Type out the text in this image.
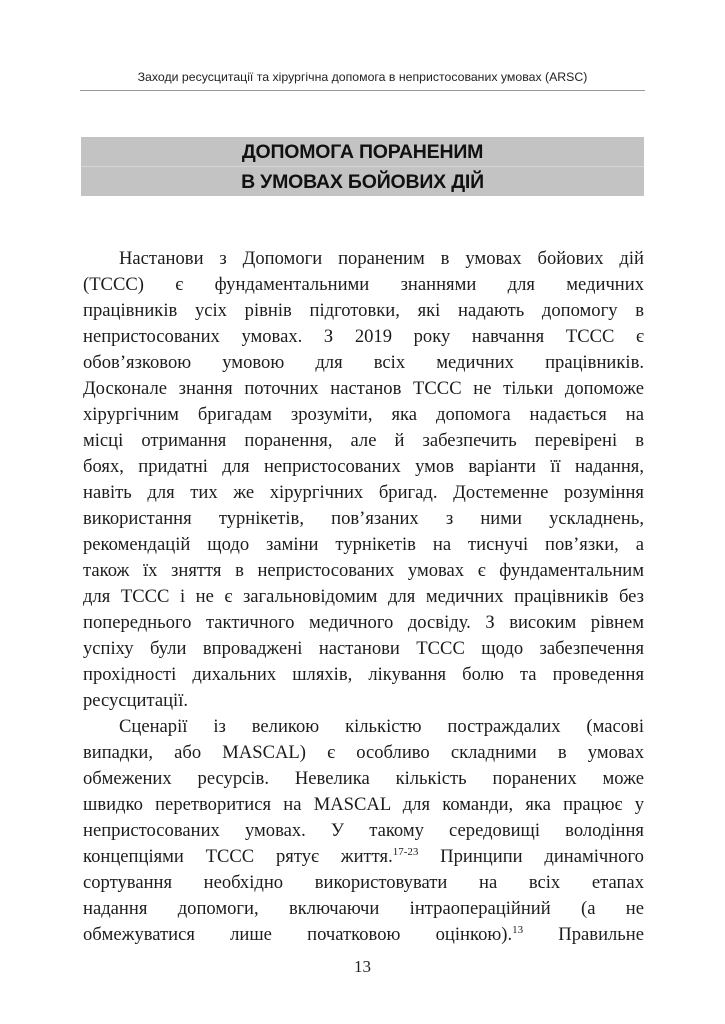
Заходи ресусцитації та хірургічна допомога в непристосованих умовах (ARSC)
ДОПОМОГА ПОРАНЕНИМ
В УМОВАХ БОЙОВИХ ДІЙ
Настанови з Допомоги пораненим в умовах бойових дій
(TCCC) є фундаментальними знаннями для медичних
працівників усіх рівнів підготовки, які надають допомогу в
непристосованих умовах. З 2019 року навчання TCCC є
обов’язковою умовою для всіх медичних працівників.
Досконале знання поточних настанов TCCC не тільки допоможе
хірургічним бригадам зрозуміти, яка допомога надається на
місці отримання поранення, але й забезпечить перевірені в
боях, придатні для непристосованих умов варіанти її надання,
навіть для тих же хірургічних бригад. Достеменне розуміння
використання турнікетів, пов’язаних з ними ускладнень,
рекомендацій щодо заміни турнікетів на тиснучі пов’язки, а
також їх зняття в непристосованих умовах є фундаментальним
для TCCC і не є загальновідомим для медичних працівників без
попереднього тактичного медичного досвіду. З високим рівнем
успіху були впроваджені настанови TCCC щодо забезпечення
прохідності дихальних шляхів, лікування болю та проведення
ресусцитації.
Сценарії із великою кількістю постраждалих (масові
випадки, або MASCAL) є особливо складними в умовах
обмежених ресурсів. Невелика кількість поранених може
швидко перетворитися на MASCAL для команди, яка працює у
непристосованих умовах. У такому середовищі володіння
концепціями TCCC рятує життя.$^{17-23}$ Принципи динамічного
сортування необхідно використовувати на всіх етапах
надання допомоги, включаючи інтраопераційний (а не
обмежуватися лише початковою оцінкою).$^{13}$ Правильне
13
